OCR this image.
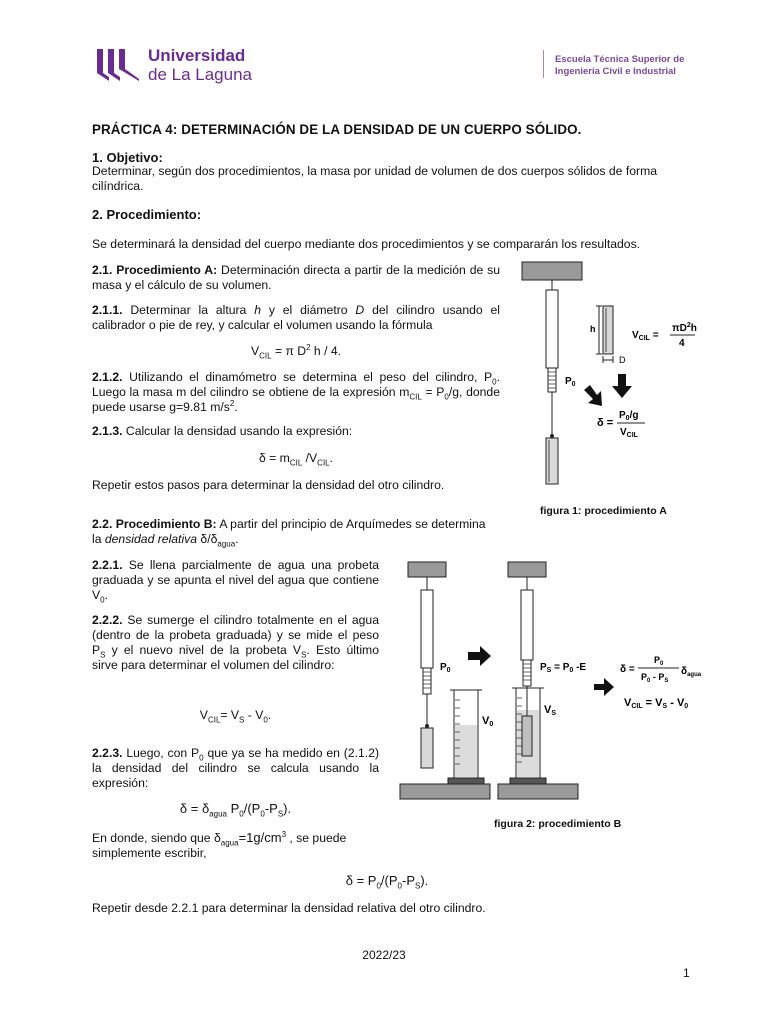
Universidad
de La Laguna
Escuela Técnica Superior de
Ingeniería Civil e Industrial
PRÁCTICA 4: DETERMINACIÓN DE LA DENSIDAD DE UN CUERPO SÓLIDO.
1. Objetivo:
Determinar, según dos procedimientos, la masa por unidad de volumen de dos cuerpos sólidos de forma cilíndrica.
2. Procedimiento:
Se determinará la densidad del cuerpo mediante dos procedimientos y se compararán los resultados.
2.1. Procedimiento A: Determinación directa a partir de la medición de su masa y el cálculo de su volumen.
2.1.1. Determinar la altura h y el diámetro D del cilindro usando el calibrador o pie de rey, y calcular el volumen usando la fórmula
$V_{CIL} = \pi$ $D^2$ h / 4.
2.1.2. Utilizando el dinamómetro se determina el peso del cilindro, $P_0$. Luego la masa m del cilindro se obtiene de la expresión $m_{CIL} = P_0/g$, donde puede usarse g=9.81 $m/s^2$.
2.1.3. Calcular la densidad usando la expresión:
$\delta = m_{CIL}$ $/V_{CIL}$.
Repetir estos pasos para determinar la densidad del otro cilindro.
h
D
$V_{CIL}$ =
$\pi D^2h$
4
$P_0$
δ =
$P_0/g$
$V_{CIL}$
figura 1: procedimiento A
2.2. Procedimiento B: A partir del principio de Arquímedes se determina la densidad relativa $\delta/\delta_{agua}$.
2.2.1. Se llena parcialmente de agua una probeta graduada y se apunta el nivel del agua que contiene $V_0$.
2.2.2. Se sumerge el cilindro totalmente en el agua (dentro de la probeta graduada) y se mide el peso $P_S$ y el nuevo nivel de la probeta $V_S$. Esto último sirve para determinar el volumen del cilindro:
$V_{CIL}= V_S - V_0$.
2.2.3. Luego, con $P_0$ que ya se ha medido en (2.1.2) la densidad del cilindro se calcula usando la expresión:
$\delta = \delta_{agua}$ $P_0/(P_0-P_S)$.
En donde, siendo que $\delta_{agua}=1g/cm^3$ , se puede simplemente escribir,
$\delta = P_0/(P_0-P_S)$.
Repetir desde 2.2.1 para determinar la densidad relativa del otro cilindro.
$P_0$
V0
$P_S = P_0$ -E
VS
δ =
$P_0$
$P_0 - P_S$
$\delta_{agua}$
VCIL = VS - V0
figura 2: procedimiento B
2022/23
1
